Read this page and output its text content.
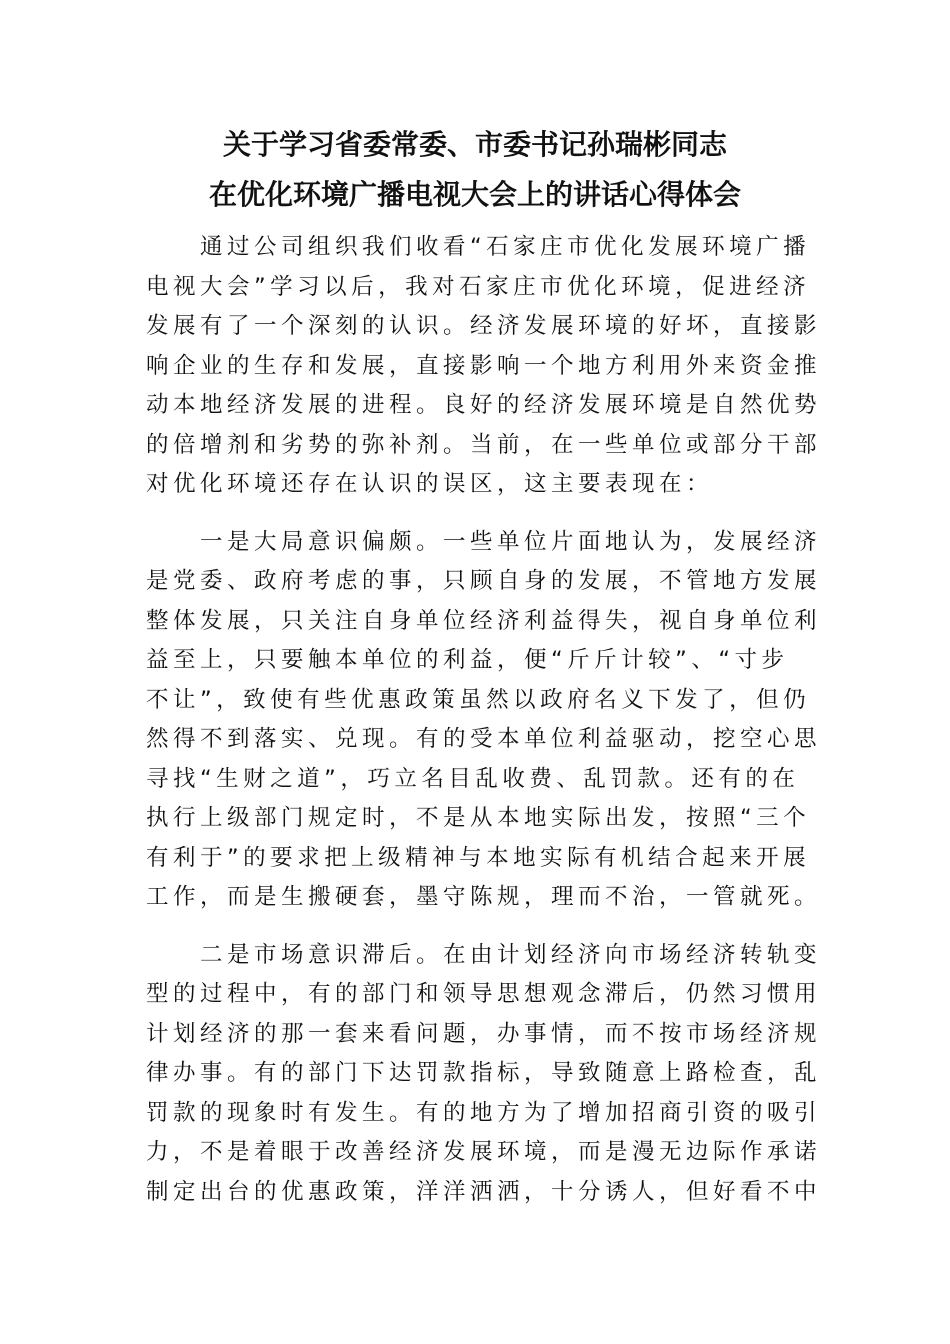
关于学习省委常委、市委书记孙瑞彬同志
在优化环境广播电视大会上的讲话心得体会
通过公司组织我们收看“石家庄市优化发展环境广播
电视大会”学习以后，我对石家庄市优化环境，促进经济
发展有了一个深刻的认识。经济发展环境的好坏，直接影
响企业的生存和发展，直接影响一个地方利用外来资金推
动本地经济发展的进程。良好的经济发展环境是自然优势
的倍增剂和劣势的弥补剂。当前，在一些单位或部分干部
对优化环境还存在认识的误区，这主要表现在：
一是大局意识偏颇。一些单位片面地认为，发展经济
是党委、政府考虑的事，只顾自身的发展，不管地方发展
整体发展，只关注自身单位经济利益得失，视自身单位利
益至上，只要触本单位的利益，便“斤斤计较”、“寸步
不让”，致使有些优惠政策虽然以政府名义下发了，但仍
然得不到落实、兑现。有的受本单位利益驱动，挖空心思
寻找“生财之道”，巧立名目乱收费、乱罚款。还有的在
执行上级部门规定时，不是从本地实际出发，按照“三个
有利于”的要求把上级精神与本地实际有机结合起来开展
工作，而是生搬硬套，墨守陈规，理而不治，一管就死。
二是市场意识滞后。在由计划经济向市场经济转轨变
型的过程中，有的部门和领导思想观念滞后，仍然习惯用
计划经济的那一套来看问题，办事情，而不按市场经济规
律办事。有的部门下达罚款指标，导致随意上路检查，乱
罚款的现象时有发生。有的地方为了增加招商引资的吸引
力，不是着眼于改善经济发展环境，而是漫无边际作承诺
制定出台的优惠政策，洋洋洒洒，十分诱人，但好看不中
